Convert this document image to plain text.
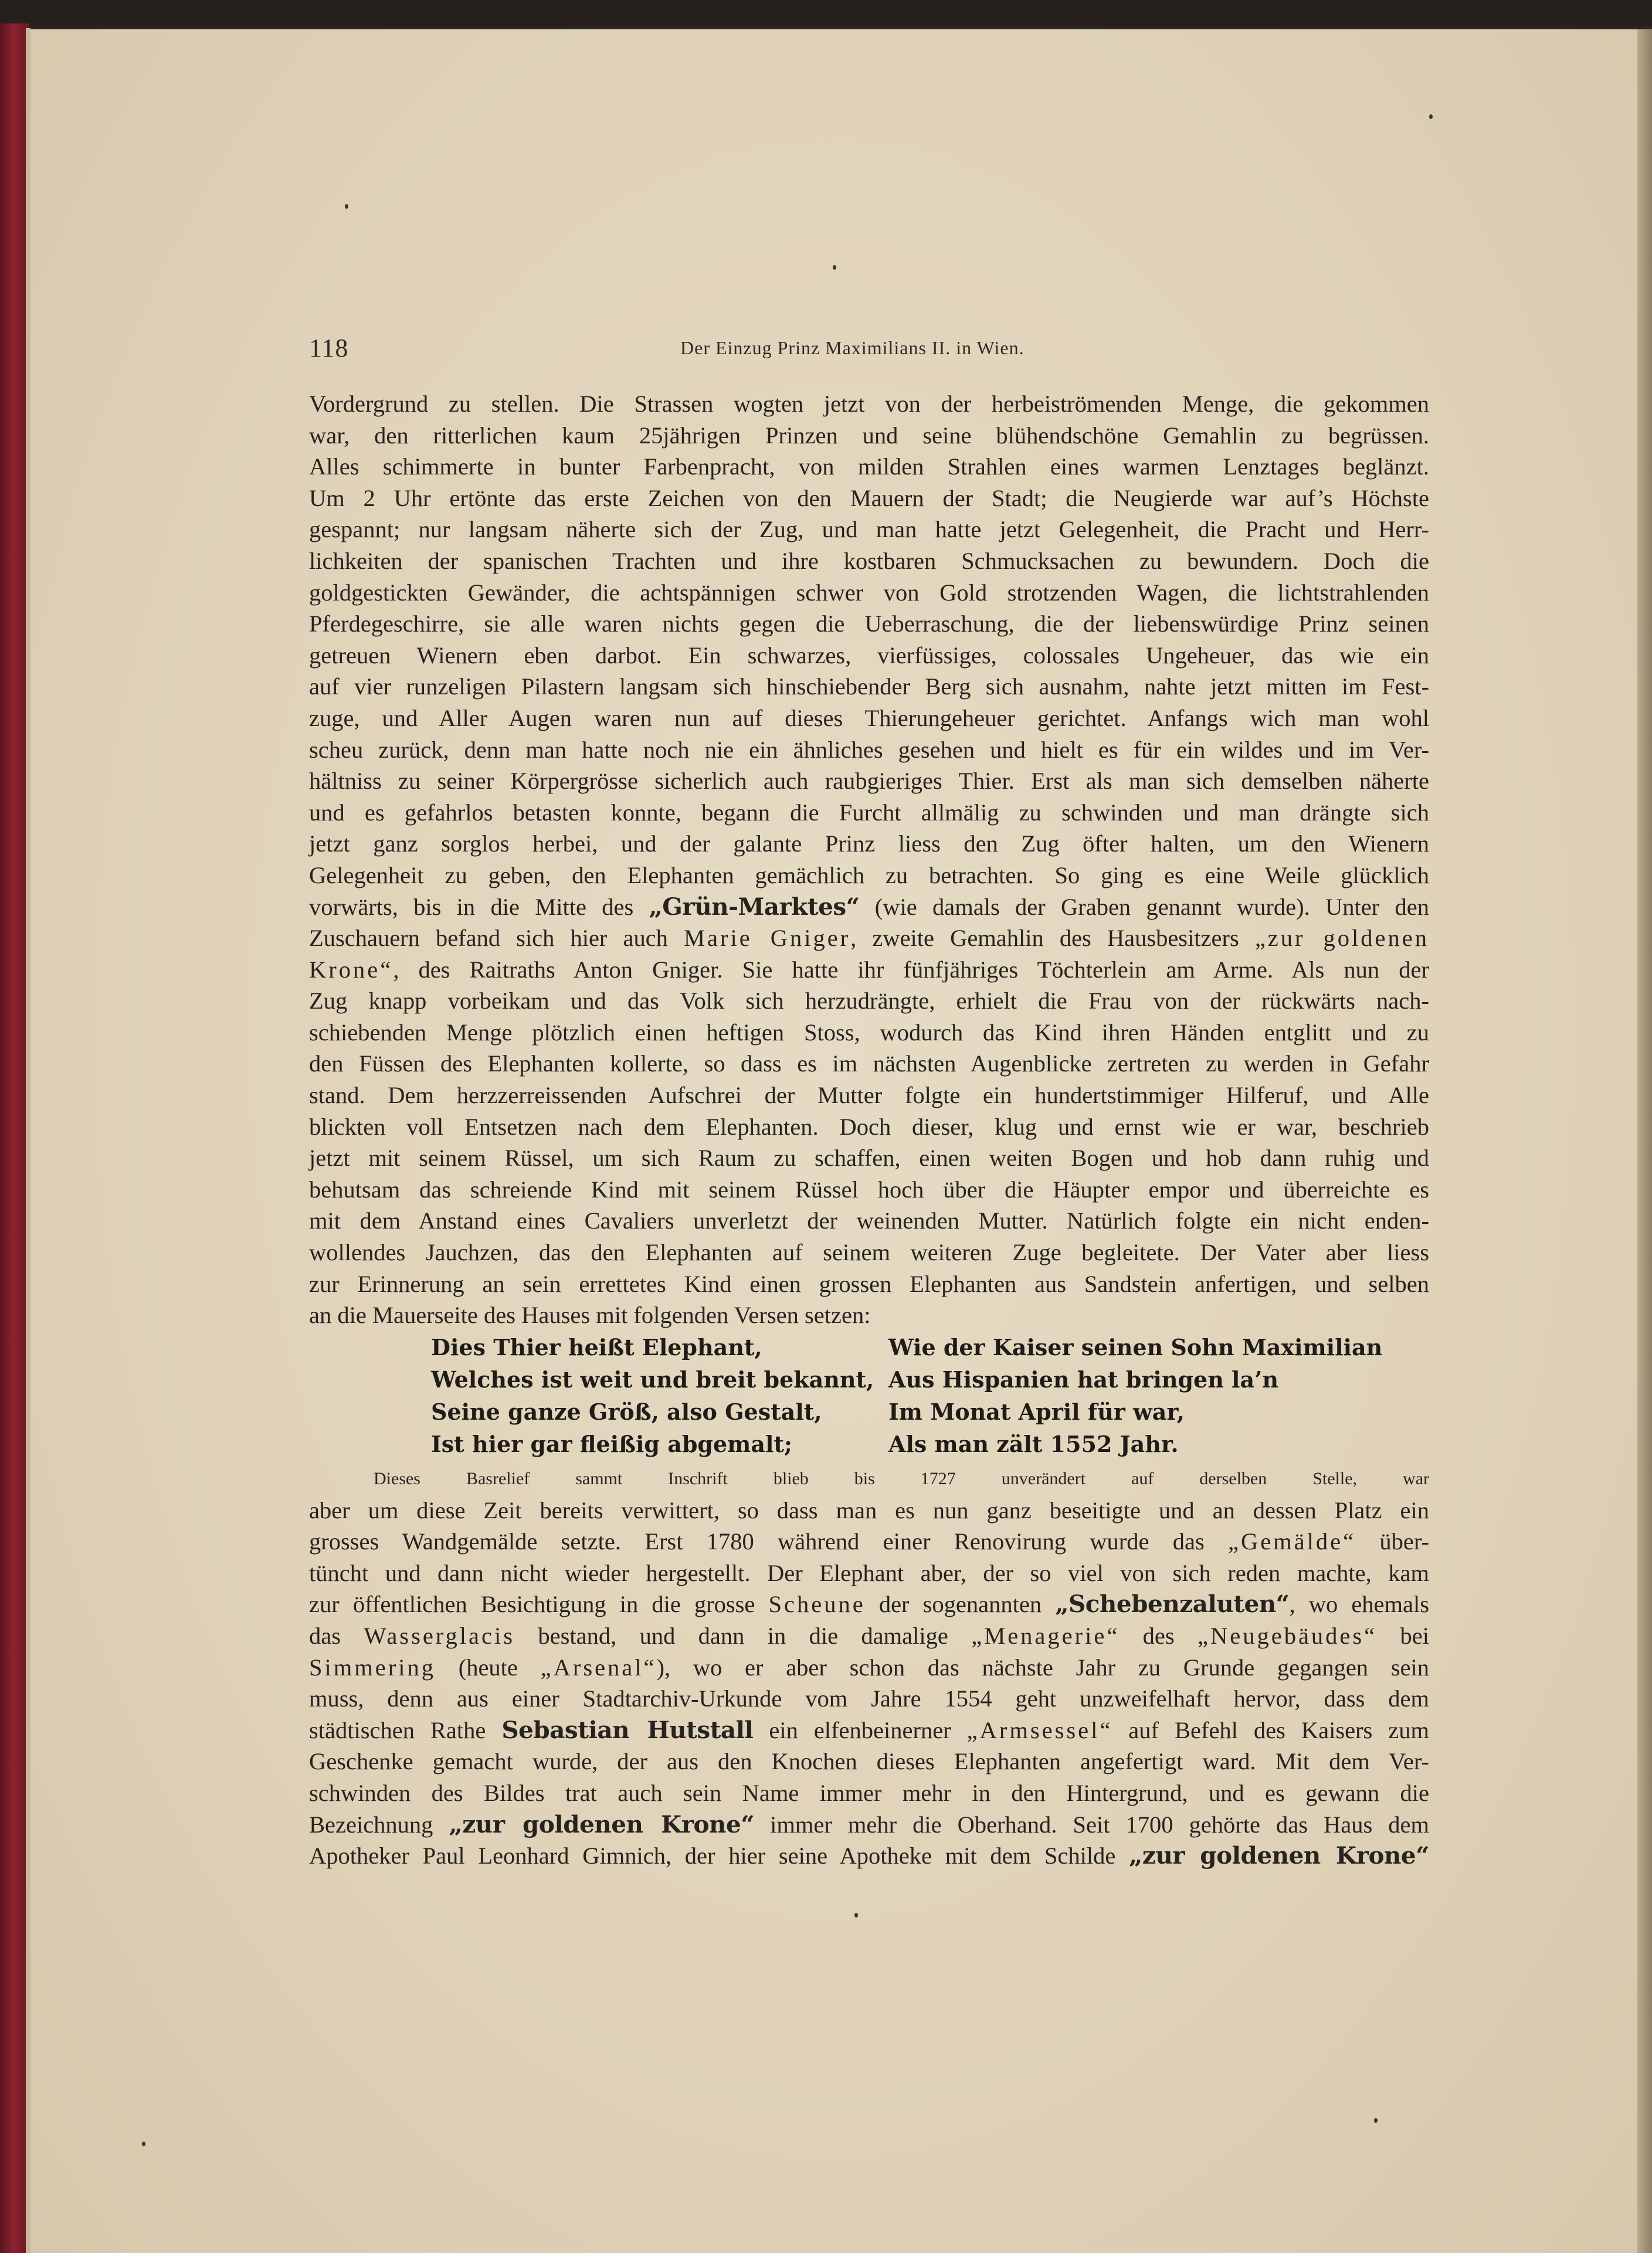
118	Der Einzug Prinz Maximilians II. in Wien.
Vordergrund zu stellen. Die Strassen wogten jetzt von der herbeiströmenden Menge, die gekommen
war, den ritterlichen kaum 25jährigen Prinzen und seine blühendschöne Gemahlin zu begrüssen.
Alles schimmerte in bunter Farbenpracht, von milden Strahlen eines warmen Lenztages beglänzt.
Um 2 Uhr ertönte das erste Zeichen von den Mauern der Stadt; die Neugierde war auf’s Höchste
gespannt; nur langsam näherte sich der Zug, und man hatte jetzt Gelegenheit, die Pracht und Herr-
lichkeiten der spanischen Trachten und ihre kostbaren Schmucksachen zu bewundern. Doch die
goldgestickten Gewänder, die achtspännigen schwer von Gold strotzenden Wagen, die lichtstrahlenden
Pferdegeschirre, sie alle waren nichts gegen die Ueberraschung, die der liebenswürdige Prinz seinen
getreuen Wienern eben darbot. Ein schwarzes, vierfüssiges, colossales Ungeheuer, das wie ein
auf vier runzeligen Pilastern langsam sich hinschiebender Berg sich ausnahm, nahte jetzt mitten im Fest-
zuge, und Aller Augen waren nun auf dieses Thierungeheuer gerichtet. Anfangs wich man wohl
scheu zurück, denn man hatte noch nie ein ähnliches gesehen und hielt es für ein wildes und im Ver-
hältniss zu seiner Körpergrösse sicherlich auch raubgieriges Thier. Erst als man sich demselben näherte
und es gefahrlos betasten konnte, begann die Furcht allmälig zu schwinden und man drängte sich
jetzt ganz sorglos herbei, und der galante Prinz liess den Zug öfter halten, um den Wienern
Gelegenheit zu geben, den Elephanten gemächlich zu betrachten. So ging es eine Weile glücklich
vorwärts, bis in die Mitte des „Grün-Marktes“ (wie damals der Graben genannt wurde). Unter den
Zuschauern befand sich hier auch Marie Gniger, zweite Gemahlin des Hausbesitzers „zur goldenen
Krone“, des Raitraths Anton Gniger. Sie hatte ihr fünfjähriges Töchterlein am Arme. Als nun der
Zug knapp vorbeikam und das Volk sich herzudrängte, erhielt die Frau von der rückwärts nach-
schiebenden Menge plötzlich einen heftigen Stoss, wodurch das Kind ihren Händen entglitt und zu
den Füssen des Elephanten kollerte, so dass es im nächsten Augenblicke zertreten zu werden in Gefahr
stand. Dem herzzerreissenden Aufschrei der Mutter folgte ein hundertstimmiger Hilferuf, und Alle
blickten voll Entsetzen nach dem Elephanten. Doch dieser, klug und ernst wie er war, beschrieb
jetzt mit seinem Rüssel, um sich Raum zu schaffen, einen weiten Bogen und hob dann ruhig und
behutsam das schreiende Kind mit seinem Rüssel hoch über die Häupter empor und überreichte es
mit dem Anstand eines Cavaliers unverletzt der weinenden Mutter. Natürlich folgte ein nicht enden-
wollendes Jauchzen, das den Elephanten auf seinem weiteren Zuge begleitete. Der Vater aber liess
zur Erinnerung an sein errettetes Kind einen grossen Elephanten aus Sandstein anfertigen, und selben
an die Mauerseite des Hauses mit folgenden Versen setzen:
Dies Thier heißt Elephant,
Welches ist weit und breit bekannt,
Seine ganze Größ, also Gestalt,
Ist hier gar fleißig abgemalt;
Wie der Kaiser seinen Sohn Maximilian
Aus Hispanien hat bringen la’n
Im Monat April für war,
Als man zält 1552 Jahr.
Dieses Basrelief sammt Inschrift blieb bis 1727 unverändert auf derselben Stelle, war
aber um diese Zeit bereits verwittert, so dass man es nun ganz beseitigte und an dessen Platz ein
grosses Wandgemälde setzte. Erst 1780 während einer Renovirung wurde das „Gemälde“ über-
tüncht und dann nicht wieder hergestellt. Der Elephant aber, der so viel von sich reden machte, kam
zur öffentlichen Besichtigung in die grosse Scheune der sogenannten „Schebenzaluten“, wo ehemals
das Wasserglacis bestand, und dann in die damalige „Menagerie“ des „Neugebäudes“ bei
Simmering (heute „Arsenal“), wo er aber schon das nächste Jahr zu Grunde gegangen sein
muss, denn aus einer Stadtarchiv-Urkunde vom Jahre 1554 geht unzweifelhaft hervor, dass dem
städtischen Rathe Sebastian Hutstall ein elfenbeinerner „Armsessel“ auf Befehl des Kaisers zum
Geschenke gemacht wurde, der aus den Knochen dieses Elephanten angefertigt ward. Mit dem Ver-
schwinden des Bildes trat auch sein Name immer mehr in den Hintergrund, und es gewann die
Bezeichnung „zur goldenen Krone“ immer mehr die Oberhand. Seit 1700 gehörte das Haus dem
Apotheker Paul Leonhard Gimnich, der hier seine Apotheke mit dem Schilde „zur goldenen Krone“
